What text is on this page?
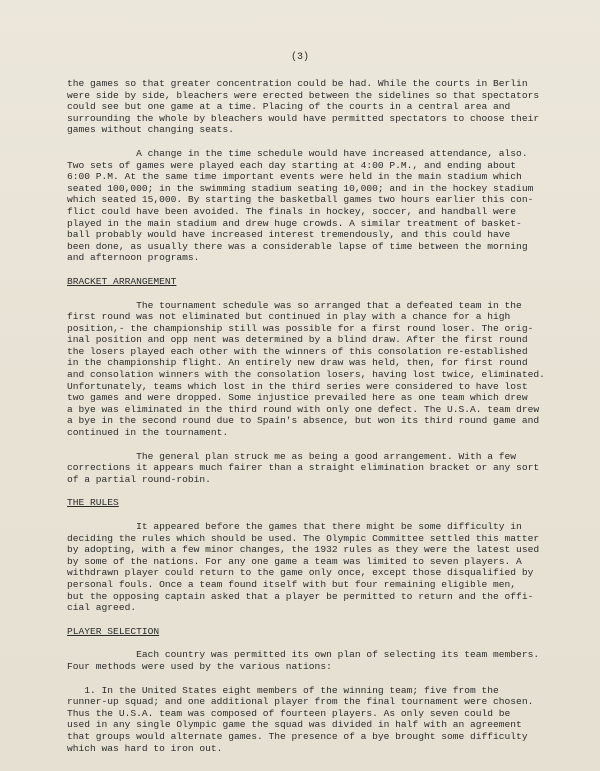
(3)

the games so that greater concentration could be had. While the courts in Berlin

were side by side, bleachers were erected between the sidelines so that spectators

could see but one game at a time. Placing of the courts in a central area and

surrounding the whole by bleachers would have permitted spectators to choose their

games without changing seats.

A change in the time schedule would have increased attendance, also.

Two sets of games were played each day starting at 4:00 P.M., and ending about

6:00 P.M. At the same time important events were held in the main stadium which

seated 100,000; in the swimming stadium seating 10,000; and in the hockey stadium

which seated 15,000. By starting the basketball games two hours earlier this con-

flict could have been avoided. The finals in hockey, soccer, and handball were

played in the main stadium and drew huge crowds. A similar treatment of basket-

ball probably would have increased interest tremendously, and this could have

been done, as usually there was a considerable lapse of time between the morning

and afternoon programs.

BRACKET ARRANGEMENT

The tournament schedule was so arranged that a defeated team in the

first round was not eliminated but continued in play with a chance for a high

position,- the championship still was possible for a first round loser. The orig-

inal position and opp nent was determined by a blind draw. After the first round

the losers played each other with the winners of this consolation re-established

in the championship flight. An entirely new draw was held, then, for first round

and consolation winners with the consolation losers, having lost twice, eliminated.

Unfortunately, teams which lost in the third series were considered to have lost

two games and were dropped. Some injustice prevailed here as one team which drew

a bye was eliminated in the third round with only one defect. The U.S.A. team drew

a bye in the second round due to Spain's absence, but won its third round game and

continued in the tournament.

The general plan struck me as being a good arrangement. With a few

corrections it appears much fairer than a straight elimination bracket or any sort

of a partial round-robin.

THE RULES

It appeared before the games that there might be some difficulty in

deciding the rules which should be used. The Olympic Committee settled this matter

by adopting, with a few minor changes, the 1932 rules as they were the latest used

by some of the nations. For any one game a team was limited to seven players. A

withdrawn player could return to the game only once, except those disqualified by

personal fouls. Once a team found itself with but four remaining eligible men,

but the opposing captain asked that a player be permitted to return and the offi-

cial agreed.

PLAYER SELECTION

Each country was permitted its own plan of selecting its team members.

Four methods were used by the various nations:

1. In the United States eight members of the winning team; five from the

runner-up squad; and one additional player from the final tournament were chosen.

Thus the U.S.A. team was composed of fourteen players. As only seven could be

used in any single Olympic game the squad was divided in half with an agreement

that groups would alternate games. The presence of a bye brought some difficulty

which was hard to iron out.
